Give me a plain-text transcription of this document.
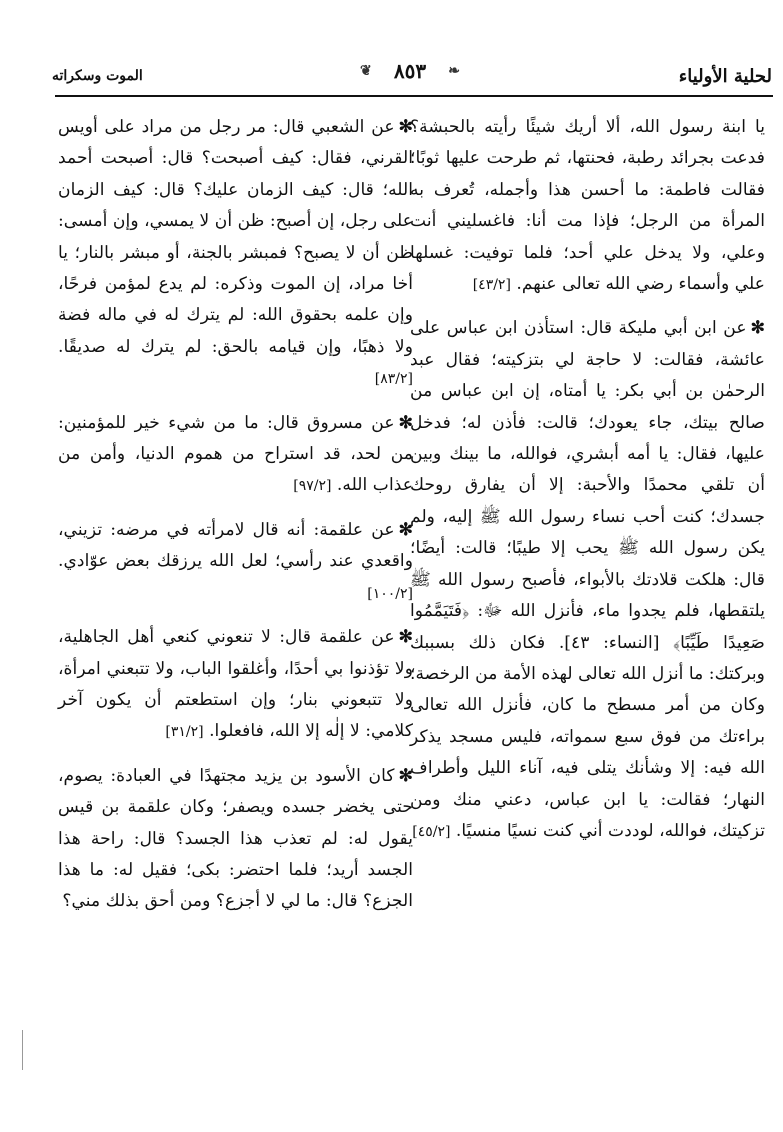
لحلية الأولياء
❦ ٨٥٣ ❧
الموت وسكراته

يا ابنة رسول الله، ألا أريك شيئًا رأيته بالحبشة؟ فدعت بجرائد رطبة، فحنتها، ثم طرحت عليها ثوبًا؛ فقالت فاطمة: ما أحسن هذا وأجمله، تُعرف به المرأة من الرجل؛ فإذا مت أنا: فاغسليني أنت وعلي، ولا يدخل علي أحد؛ فلما توفيت: غسلها علي وأسماء رضي الله تعالى عنهم. [٤٣/٢]

✻عن ابن أبي مليكة قال: استأذن ابن عباس على عائشة، فقالت: لا حاجة لي بتزكيته؛ فقال عبد الرحمٰن بن أبي بكر: يا أمتاه، إن ابن عباس من صالح بيتك، جاء يعودك؛ قالت: فأذن له؛ فدخل عليها، فقال: يا أمه أبشري، فوالله، ما بينك وبين أن تلقي محمدًا والأحبة: إلا أن يفارق روحك جسدك؛ كنت أحب نساء رسول الله ﷺ إليه، ولم يكن رسول الله ﷺ يحب إلا طيبًا؛ قالت: أيضًا؛ قال: هلكت قلادتك بالأبواء، فأصبح رسول الله ﷺ يلتقطها، فلم يجدوا ماء، فأنزل الله ﷻ: ﴿فَتَيَمَّمُوا صَعِيدًا طَيِّبًا﴾ [النساء: ٤٣]. فكان ذلك بسببك وبركتك: ما أنزل الله تعالى لهذه الأمة من الرخصة؛ وكان من أمر مسطح ما كان، فأنزل الله تعالى براءتك من فوق سبع سمواته، فليس مسجد يذكر الله فيه: إلا وشأنك يتلى فيه، آناء الليل وأطراف النهار؛ فقالت: يا ابن عباس، دعني منك ومن تزكيتك، فوالله، لوددت أني كنت نسيًا منسيًا. [٤٥/٢]

✻عن الشعبي قال: مر رجل من مراد على أويس القرني، فقال: كيف أصبحت؟ قال: أصبحت أحمد الله؛ قال: كيف الزمان عليك؟ قال: كيف الزمان على رجل، إن أصبح: ظن أن لا يمسي، وإن أمسى: ظن أن لا يصبح؟ فمبشر بالجنة، أو مبشر بالنار؛ يا أخا مراد، إن الموت وذكره: لم يدع لمؤمن فرحًا، وإن علمه بحقوق الله: لم يترك له في ماله فضة ولا ذهبًا، وإن قيامه بالحق: لم يترك له صديقًا. [٨٣/٢]

✻عن مسروق قال: ما من شيء خير للمؤمنين: من لحد، قد استراح من هموم الدنيا، وأمن من عذاب الله. [٩٧/٢]

✻عن علقمة: أنه قال لامرأته في مرضه: تزيني، واقعدي عند رأسي؛ لعل الله يرزقك بعض عوّادي. [١٠٠/٢]

✻عن علقمة قال: لا تنعوني كنعي أهل الجاهلية، ولا تؤذنوا بي أحدًا، وأغلقوا الباب، ولا تتبعني امرأة، ولا تتبعوني بنار؛ وإن استطعتم أن يكون آخر كلامي: لا إلٰه إلا الله، فافعلوا. [٣١/٢]

✻كان الأسود بن يزيد مجتهدًا في العبادة: يصوم، حتى يخضر جسده ويصفر؛ وكان علقمة بن قيس يقول له: لم تعذب هذا الجسد؟ قال: راحة هذا الجسد أريد؛ فلما احتضر: بكى؛ فقيل له: ما هذا الجزع؟ قال: ما لي لا أجزع؟ ومن أحق بذلك مني؟
